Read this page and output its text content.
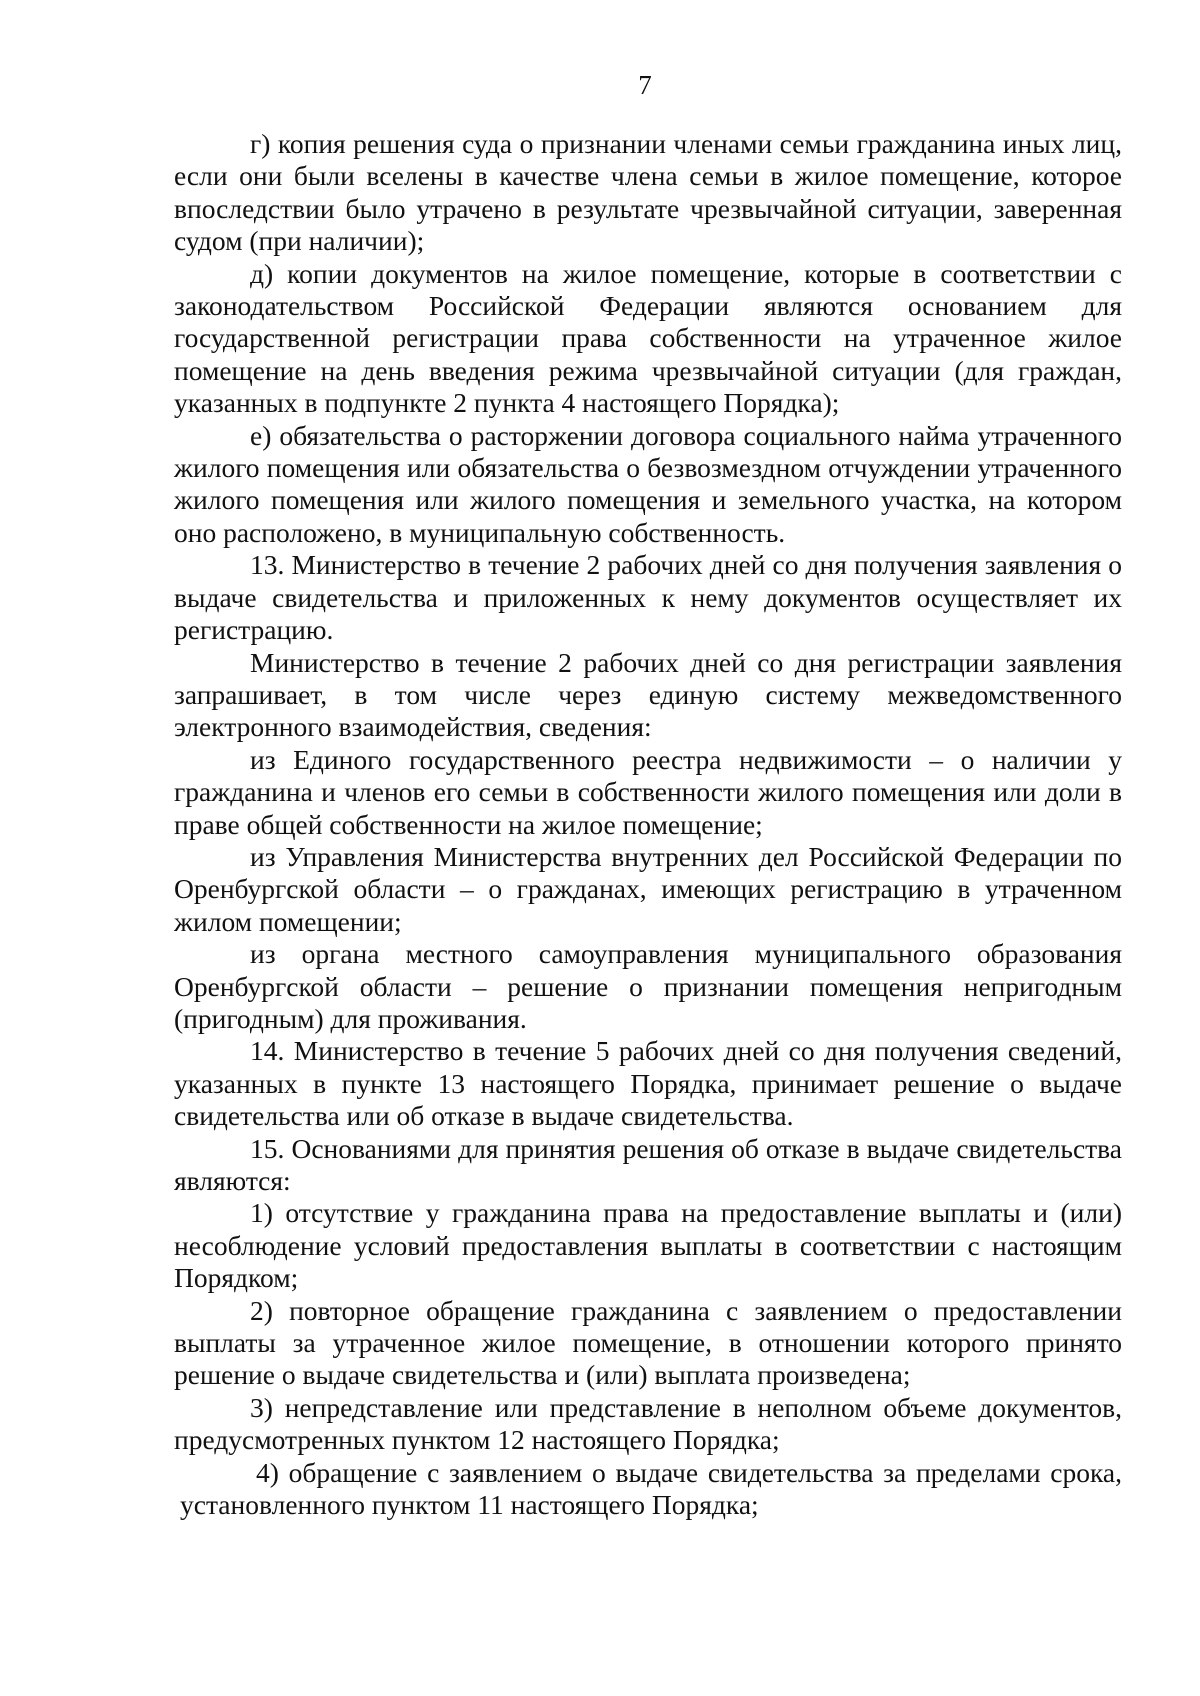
7

г) копия решения суда о признании членами семьи гражданина иных лиц, если они были вселены в качестве члена семьи в жилое помещение, которое впоследствии было утрачено в результате чрезвычайной ситуации, заверенная судом (при наличии);

д) копии документов на жилое помещение, которые в соответствии с законодательством Российской Федерации являются основанием для государственной регистрации права собственности на утраченное жилое помещение на день введения режима чрезвычайной ситуации (для граждан, указанных в подпункте 2 пункта 4 настоящего Порядка);

е) обязательства о расторжении договора социального найма утраченного жилого помещения или обязательства о безвозмездном отчуждении утраченного жилого помещения или жилого помещения и земельного участка, на котором оно расположено, в муниципальную собственность.

13. Министерство в течение 2 рабочих дней со дня получения заявления о выдаче свидетельства и приложенных к нему документов осуществляет их регистрацию.

Министерство в течение 2 рабочих дней со дня регистрации заявления запрашивает, в том числе через единую систему межведомственного электронного взаимодействия, сведения:

из Единого государственного реестра недвижимости – о наличии у гражданина и членов его семьи в собственности жилого помещения или доли в праве общей собственности на жилое помещение;

из Управления Министерства внутренних дел Российской Федерации по Оренбургской области – о гражданах, имеющих регистрацию в утраченном жилом помещении;

из органа местного самоуправления муниципального образования Оренбургской области – решение о признании помещения непригодным (пригодным) для проживания.

14. Министерство в течение 5 рабочих дней со дня получения сведений, указанных в пункте 13 настоящего Порядка, принимает решение о выдаче свидетельства или об отказе в выдаче свидетельства.

15. Основаниями для принятия решения об отказе в выдаче свидетельства являются:

1) отсутствие у гражданина права на предоставление выплаты и (или) несоблюдение условий предоставления выплаты в соответствии с настоящим Порядком;

2) повторное обращение гражданина с заявлением о предоставлении выплаты за утраченное жилое помещение, в отношении которого принято решение о выдаче свидетельства и (или) выплата произведена;

3) непредставление или представление в неполном объеме документов, предусмотренных пунктом 12 настоящего Порядка;

4) обращение с заявлением о выдаче свидетельства за пределами срока, установленного пунктом 11 настоящего Порядка;
